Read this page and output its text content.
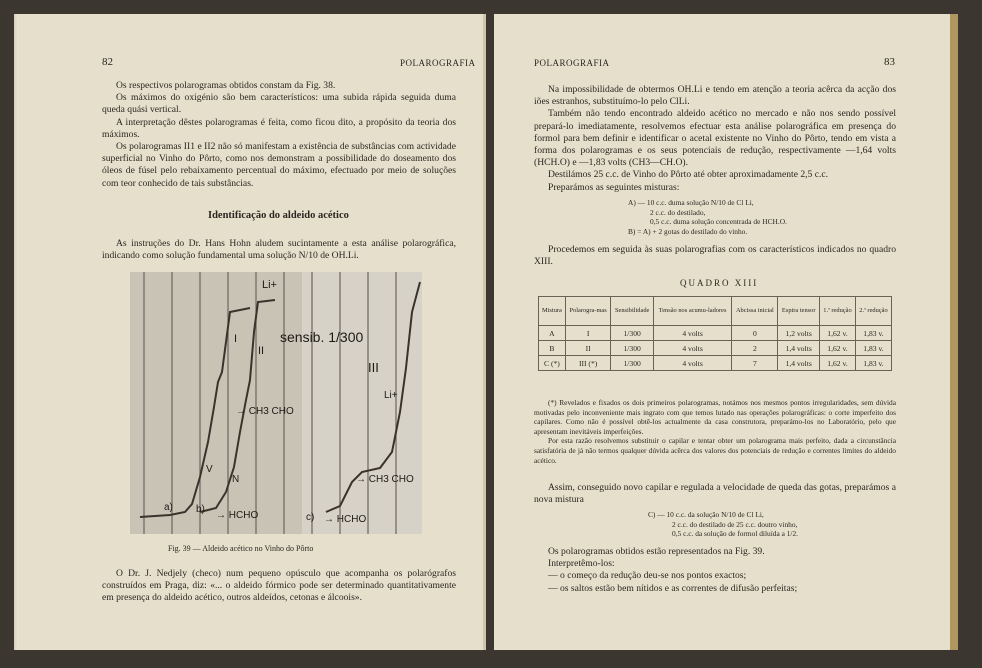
82	POLAROGRAFIA

Os respectivos polarogramas obtidos constam da Fig. 38.

Os máximos do oxigénio são bem característicos: uma subida rápida seguida duma queda quási vertical.

A interpretação dêstes polarogramas é feita, como ficou dito, a propósito da teoria dos máximos.

Os polarogramas II1 e II2 não só manifestam a existência de substâncias com actividade superficial no Vinho do Pôrto, como nos demonstram a possibilidade do doseamento dos óleos de fúsel pelo rebaixamento percentual do máximo, efectuado por meio de soluções com teor conhecido de tais substâncias.

Identificação do aldeido acético

As instruções do Dr. Hans Hohn aludem sucintamente a esta análise polarográfica, indicando como solução fundamental uma solução N/10 de OH.Li.

Li+
I
II
sensib. 1/300
→ CH3 CHO
III
Li+
→ CH3 CHO
V
N
a) b)
→ HCHO	c) → HCHO
Fig. 39 — Aldeido acético no Vinho do Pôrto

O Dr. J. Nedjely (checo) num pequeno opúsculo que acompanha os polarógrafos construídos em Praga, diz: «... o aldeido fórmico pode ser determinado quantitativamente em presença do aldeido acético, outros aldeídos, cetonas e álcoois».

POLAROGRAFIA	83

Na impossibilidade de obtermos OH.Li e tendo em atenção a teoria acêrca da acção dos iões estranhos, substituímo-lo pelo ClLi.

Também não tendo encontrado aldeido acético no mercado e não nos sendo possível prepará-lo imediatamente, resolvemos efectuar esta análise polarográfica em presença do formol para bem definir e identificar o acetal existente no Vinho do Pôrto, tendo em vista a forma dos polarogramas e os seus potenciais de redução, respectivamente —1,64 volts (HCH.O) e —1,83 volts (CH3—CH.O).

Destilámos 25 c.c. de Vinho do Pôrto até obter aproximadamente 2,5 c.c.

Preparámos as seguintes misturas:

A) — 10 c.c. duma solução N/10 de Cl Li,
2 c.c. do destilado,
0,5 c.c. duma solução concentrada de HCH.O.
B) = A) + 2 gotas do destilado do vinho.

Procedemos em seguida às suas polarografias com os característicos indicados no quadro XIII.

QUADRO XIII
Mistura	Polarogra-mas	Sensibilidade	Tensão nos acumu-ladores	Abcissa inicial	Espira tensor	1.ª redução	2.ª redução
A	I	1/300	4 volts	0	1,2 volts	1,62 v.	1,83 v.
B	II	1/300	4 volts	2	1,4 volts	1,62 v.	1,83 v.
C (*)	III (*)	1/300	4 volts	7	1,4 volts	1,62 v.	1,83 v.

(*) Revelados e fixados os dois primeiros polarogramas, notámos nos mesmos pontos irregularidades, sem dúvida motivadas pelo inconveniente mais ingrato com que temos lutado nas operações polarográficas: o corte imperfeito dos capilares. Como não é possível obtê-los actualmente da casa construtora, preparámo-los no Laboratório, pelo que apresentam inevitáveis imperfeições.

Por esta razão resolvemos substituir o capilar e tentar obter um polarograma mais perfeito, dada a circunstância satisfatória de já não termos qualquer dúvida acêrca dos valores dos potenciais de redução e correntes limites do aldeido acético.

Assim, conseguido novo capilar e regulada a velocidade de queda das gotas, preparámos a nova mistura

C) — 10 c.c. da solução N/10 de Cl Li,
2 c.c. do destilado de 25 c.c. doutro vinho,
0,5 c.c. da solução de formol diluída a 1/2.

Os polarogramas obtidos estão representados na Fig. 39.

Interpretêmo-los:

— o começo da redução deu-se nos pontos exactos;

— os saltos estão bem nítidos e as correntes de difusão perfeitas;
